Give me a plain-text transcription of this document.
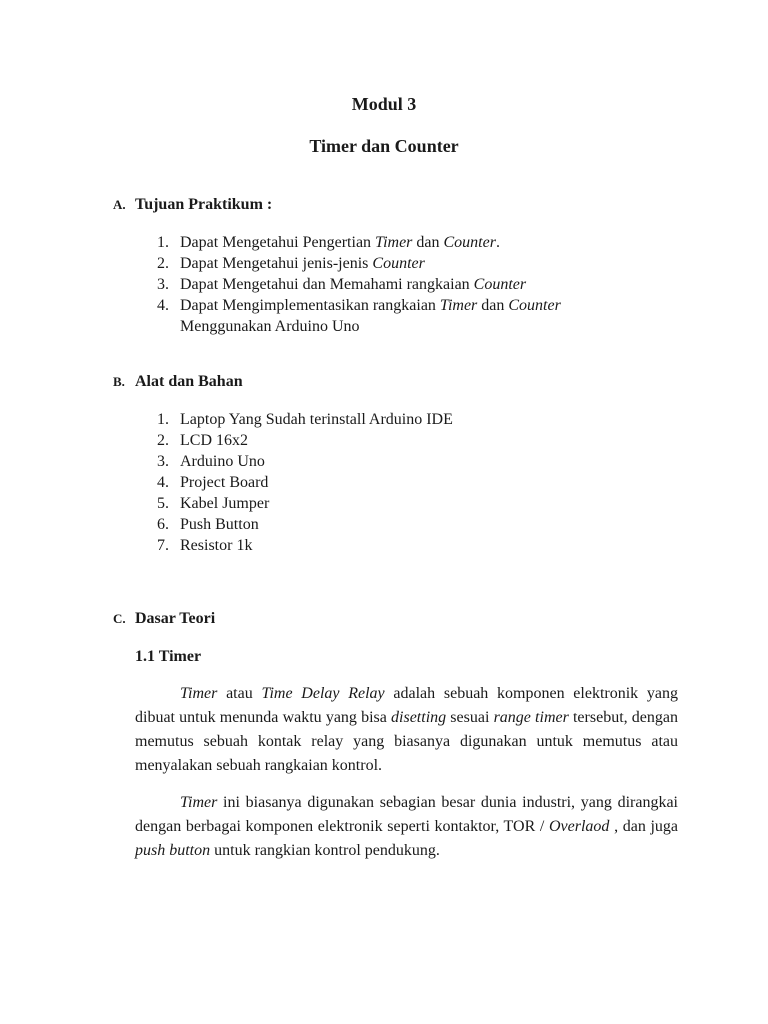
Modul 3
Timer dan Counter
A. Tujuan Praktikum :
1. Dapat Mengetahui Pengertian Timer dan Counter.
2. Dapat Mengetahui jenis-jenis Counter
3. Dapat Mengetahui dan Memahami rangkaian Counter
4. Dapat Mengimplementasikan rangkaian Timer dan Counter
Menggunakan Arduino Uno
B. Alat dan Bahan
1. Laptop Yang Sudah terinstall Arduino IDE
2. LCD 16x2
3. Arduino Uno
4. Project Board
5. Kabel Jumper
6. Push Button
7. Resistor 1k
C. Dasar Teori
1.1 Timer

Timer atau Time Delay Relay adalah sebuah komponen elektronik yang dibuat untuk menunda waktu yang bisa disetting sesuai range timer tersebut, dengan memutus sebuah kontak relay yang biasanya digunakan untuk memutus atau menyalakan sebuah rangkaian kontrol.

Timer ini biasanya digunakan sebagian besar dunia industri, yang dirangkai dengan berbagai komponen elektronik seperti kontaktor, TOR / Overlaod , dan juga push button untuk rangkian kontrol pendukung.
